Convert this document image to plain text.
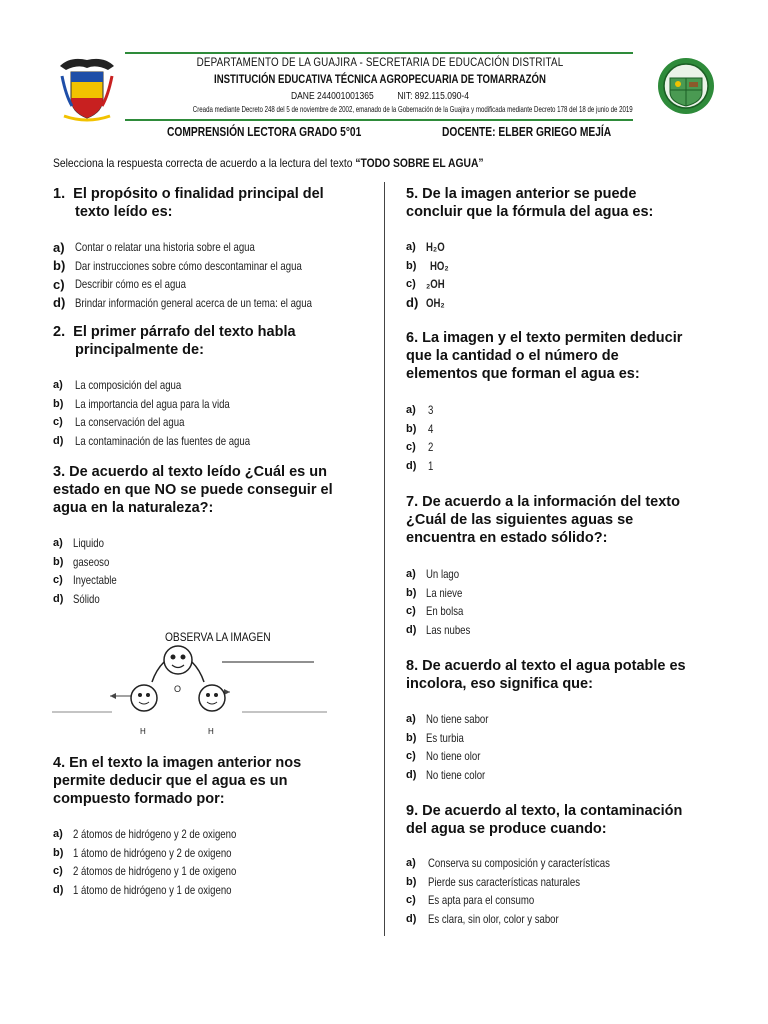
DEPARTAMENTO DE LA GUAJIRA - SECRETARIA DE EDUCACIÓN DISTRITAL
INSTITUCIÓN EDUCATIVA TÉCNICA AGROPECUARIA DE TOMARRAZÓN
DANE 244001001365          NIT: 892.115.090-4
Creada mediante Decreto 248 del 5 de noviembre de 2002, emanado de la Gobernación de la Guajira y modificada mediante Decreto 178 del 18 de junio de 2019
COMPRENSIÓN LECTORA GRADO 5°01	DOCENTE: ELBER GRIEGO MEJÍA
Selecciona la respuesta correcta de acuerdo a la lectura del texto “TODO SOBRE EL AGUA”
1. El propósito o finalidad principal del
texto leído es:
a) Contar o relatar una historia sobre el agua
b) Dar instrucciones sobre cómo descontaminar el agua
c) Describir cómo es el agua
d) Brindar información general acerca de un tema: el agua
2. El primer párrafo del texto habla
principalmente de:
a)	La composición del agua
b) La importancia del agua para la vida
c)	La conservación del agua
d) La contaminación de las fuentes de agua
3. De acuerdo al texto leído ¿Cuál es un
estado en que NO se puede conseguir el
agua en la naturaleza?:
a) Liquido
b) gaseoso
c) Inyectable
d) Sólido
OBSERVA LA IMAGEN
O
H	H
4. En el texto la imagen anterior nos
permite deducir que el agua es un
compuesto formado por:
a) 2 átomos de hidrógeno y 2 de oxigeno
b) 1 átomo de hidrógeno y 2 de oxigeno
c) 2 átomos de hidrógeno y 1 de oxigeno
d) 1 átomo de hidrógeno y 1 de oxigeno
5. De la imagen anterior se puede
concluir que la fórmula del agua es:
a) H₂O
b)	HO₂
c) ₂OH
d) OH₂
6. La imagen y el texto permiten deducir
que la cantidad o el número de
elementos que forman el agua es:
a)	3
b) 4
c)	2
d) 1
7. De acuerdo a la información del texto
¿Cuál de las siguientes aguas se
encuentra en estado sólido?:
a) Un lago
b) La nieve
c) En bolsa
d) Las nubes
8. De acuerdo al texto el agua potable es
incolora, eso significa que:
a) No tiene sabor
b) Es turbia
c) No tiene olor
d) No tiene color
9. De acuerdo al texto, la contaminación
del agua se produce cuando:
a)	Conserva su composición y características
b) Pierde sus características naturales
c)	Es apta para el consumo
d) Es clara, sin olor, color y sabor
